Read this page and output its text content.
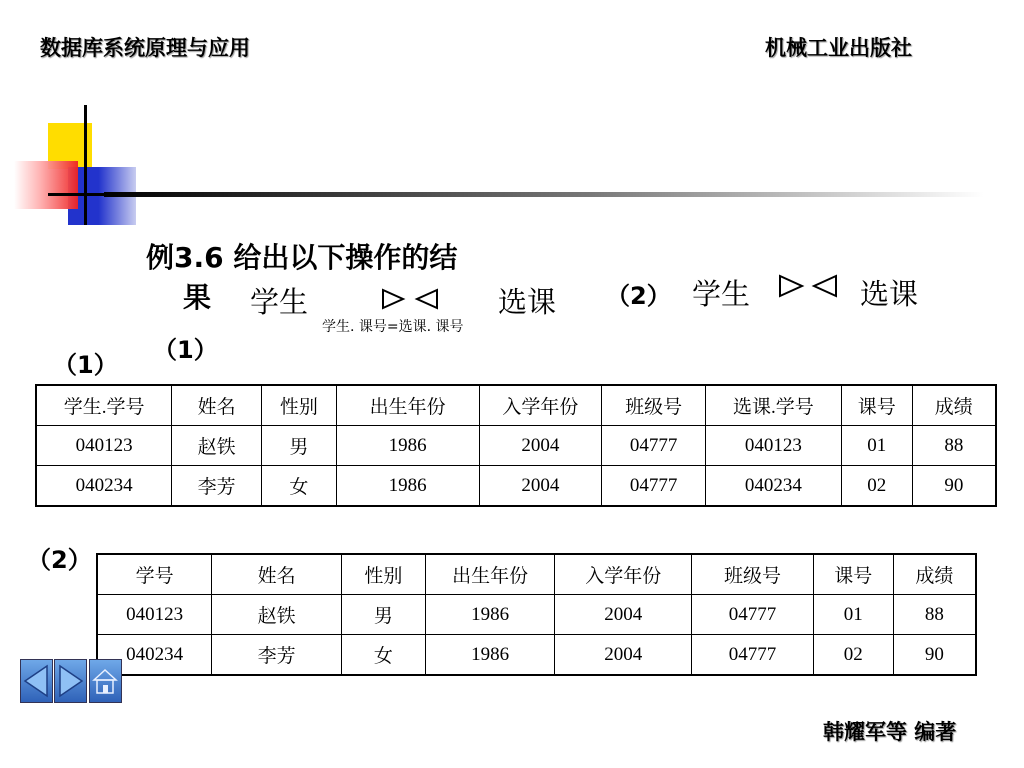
数据库系统原理与应用	机械工业出版社
例3.6 给出以下操作的结
果 学生	选课
学生. 课号=选课. 课号
（1）
（2） 学生	选课
（1）
学生.学号	姓名	性别	出生年份	入学年份	班级号	选课.学号	课号	成绩
040123	赵铁	男	1986	2004	04777	040123	01	88
040234	李芳	女	1986	2004	04777	040234	02	90
（2）
学号	姓名	性别	出生年份	入学年份	班级号	课号	成绩
040123	赵铁	男	1986	2004	04777	01	88
040234	李芳	女	1986	2004	04777	02	90
韩耀军等 编著
